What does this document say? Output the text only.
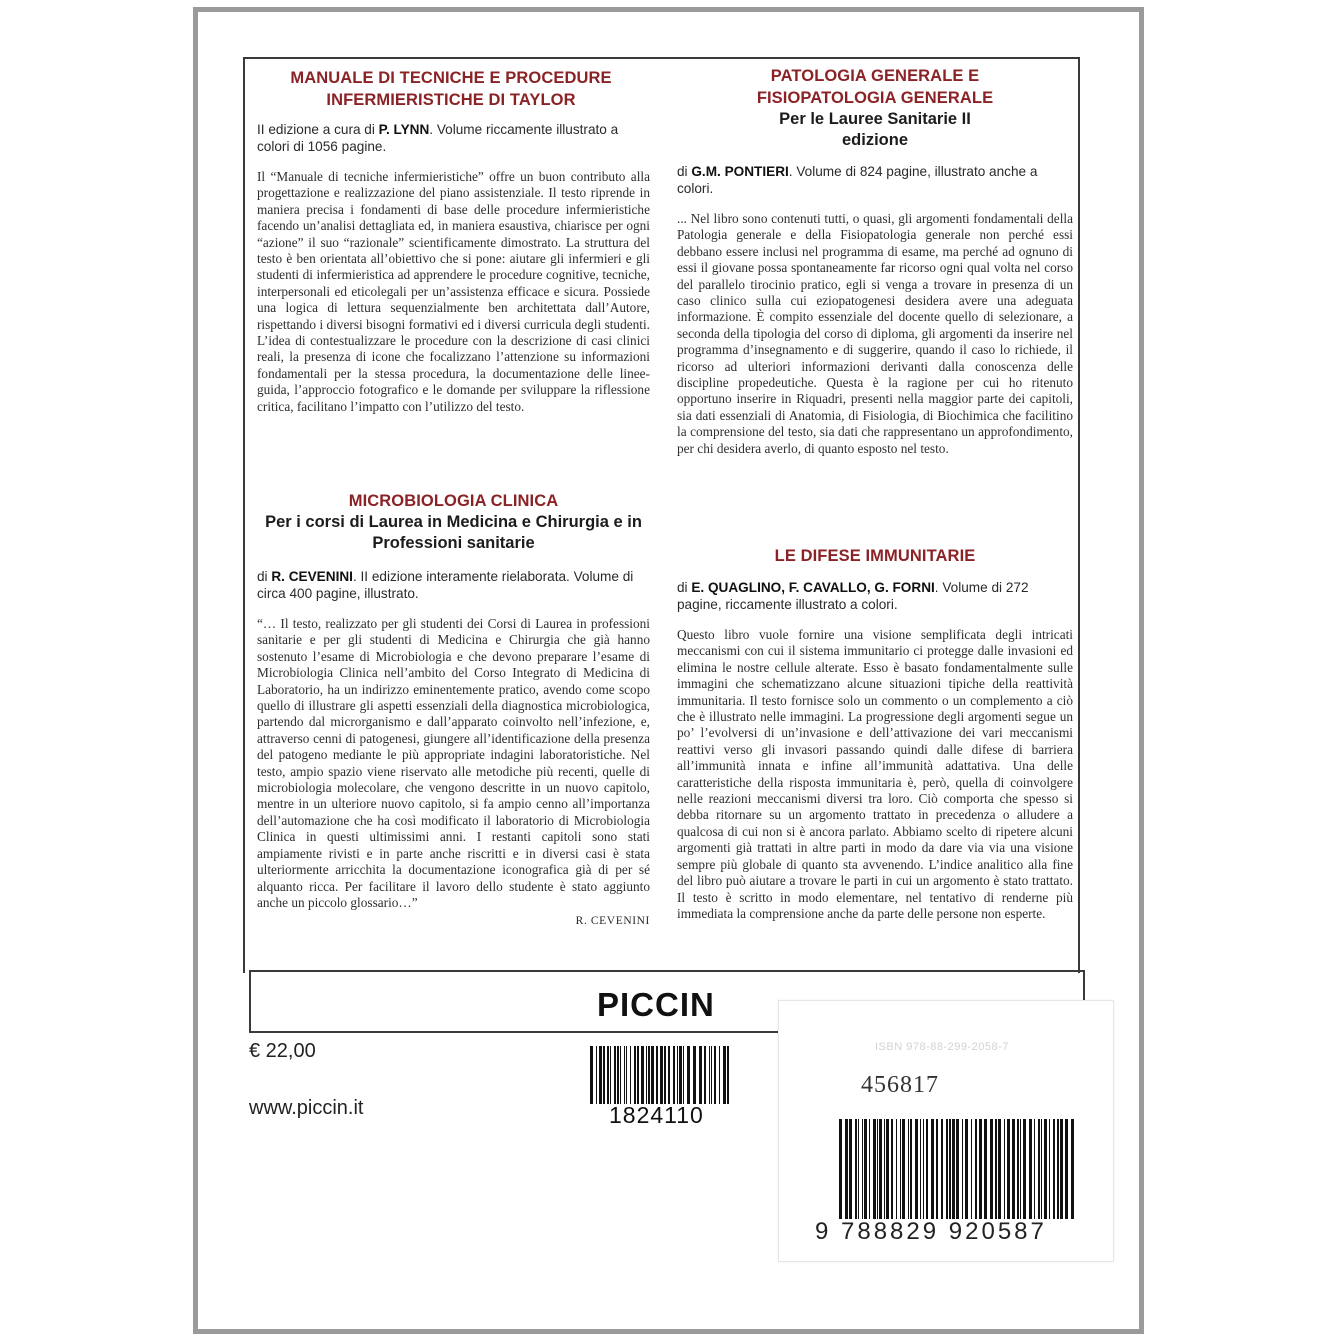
MANUALE DI TECNICHE E PROCEDURE INFERMIERISTICHE DI TAYLOR

II edizione a cura di P. LYNN. Volume riccamente illustrato a colori di 1056 pagine.

Il “Manuale di tecniche infermieristiche” offre un buon contributo alla progettazione e realizzazione del piano assistenziale. Il testo riprende in maniera precisa i fondamenti di base delle procedure infermieristiche facendo un’analisi dettagliata ed, in maniera esaustiva, chiarisce per ogni “azione” il suo “razionale” scientificamente dimostrato. La struttura del testo è ben orientata all’obiettivo che si pone: aiutare gli infermieri e gli studenti di infermieristica ad apprendere le procedure cognitive, tecniche, interpersonali ed eticolegali per un’assistenza efficace e sicura. Possiede una logica di lettura sequenzialmente ben architettata dall’Autore, rispettando i diversi bisogni formativi ed i diversi curricula degli studenti. L’idea di contestualizzare le procedure con la descrizione di casi clinici reali, la presenza di icone che focalizzano l’attenzione su informazioni fondamentali per la stessa procedura, la documentazione delle linee-guida, l’approccio fotografico e le domande per sviluppare la riflessione critica, facilitano l’impatto con l’utilizzo del testo.

MICROBIOLOGIA CLINICA

Per i corsi di Laurea in Medicina e Chirurgia e in Professioni sanitarie

di R. CEVENINI. II edizione interamente rielaborata. Volume di circa 400 pagine, illustrato.

“… Il testo, realizzato per gli studenti dei Corsi di Laurea in professioni sanitarie e per gli studenti di Medicina e Chirurgia che già hanno sostenuto l’esame di Microbiologia e che devono preparare l’esame di Microbiologia Clinica nell’ambito del Corso Integrato di Medicina di Laboratorio, ha un indirizzo eminentemente pratico, avendo come scopo quello di illustrare gli aspetti essenziali della diagnostica microbiologica, partendo dal microrganismo e dall’apparato coinvolto nell’infezione, e, attraverso cenni di patogenesi, giungere all’identificazione della presenza del patogeno mediante le più appropriate indagini laboratoristiche. Nel testo, ampio spazio viene riservato alle metodiche più recenti, quelle di microbiologia molecolare, che vengono descritte in un nuovo capitolo, mentre in un ulteriore nuovo capitolo, si fa ampio cenno all’importanza dell’automazione che ha così modificato il laboratorio di Microbiologia Clinica in questi ultimissimi anni. I restanti capitoli sono stati ampiamente rivisti e in parte anche riscritti e in diversi casi è stata ulteriormente arricchita la documentazione iconografica già di per sé alquanto ricca. Per facilitare il lavoro dello studente è stato aggiunto anche un piccolo glossario…”

R. CEVENINI

PATOLOGIA GENERALE E FISIOPATOLOGIA GENERALE

Per le Lauree Sanitarie II edizione

di G.M. PONTIERI. Volume di 824 pagine, illustrato anche a colori.

... Nel libro sono contenuti tutti, o quasi, gli argomenti fondamentali della Patologia generale e della Fisiopatologia generale non perché essi debbano essere inclusi nel programma di esame, ma perché ad ognuno di essi il giovane possa spontaneamente far ricorso ogni qual volta nel corso del parallelo tirocinio pratico, egli si venga a trovare in presenza di un caso clinico sulla cui eziopatogenesi desidera avere una adeguata informazione. È compito essenziale del docente quello di selezionare, a seconda della tipologia del corso di diploma, gli argomenti da inserire nel programma d’insegnamento e di suggerire, quando il caso lo richiede, il ricorso ad ulteriori informazioni derivanti dalla conoscenza delle discipline propedeutiche. Questa è la ragione per cui ho ritenuto opportuno inserire in Riquadri, presenti nella maggior parte dei capitoli, sia dati essenziali di Anatomia, di Fisiologia, di Biochimica che facilitino la comprensione del testo, sia dati che rappresentano un approfondimento, per chi desidera averlo, di quanto esposto nel testo.

LE DIFESE IMMUNITARIE

di E. QUAGLINO, F. CAVALLO, G. FORNI. Volume di 272 pagine, riccamente illustrato a colori.

Questo libro vuole fornire una visione semplificata degli intricati meccanismi con cui il sistema immunitario ci protegge dalle invasioni ed elimina le nostre cellule alterate. Esso è basato fondamentalmente sulle immagini che schematizzano alcune situazioni tipiche della reattività immunitaria. Il testo fornisce solo un commento o un complemento a ciò che è illustrato nelle immagini. La progressione degli argomenti segue un po’ l’evolversi di un’invasione e dell’attivazione dei vari meccanismi reattivi verso gli invasori passando quindi dalle difese di barriera all’immunità innata e infine all’immunità adattativa. Una delle caratteristiche della risposta immunitaria è, però, quella di coinvolgere nelle reazioni meccanismi diversi tra loro. Ciò comporta che spesso si debba ritornare su un argomento trattato in precedenza o alludere a qualcosa di cui non si è ancora parlato. Abbiamo scelto di ripetere alcuni argomenti già trattati in altre parti in modo da dare via via una visione sempre più globale di quanto sta avvenendo. L’indice analitico alla fine del libro può aiutare a trovare le parti in cui un argomento è stato trattato. Il testo è scritto in modo elementare, nel tentativo di renderne più immediata la comprensione anche da parte delle persone non esperte.

PICCIN
€ 22,00
www.piccin.it	1824110
ISBN 978-88-299-2058-7
456817
9 788829 920587
